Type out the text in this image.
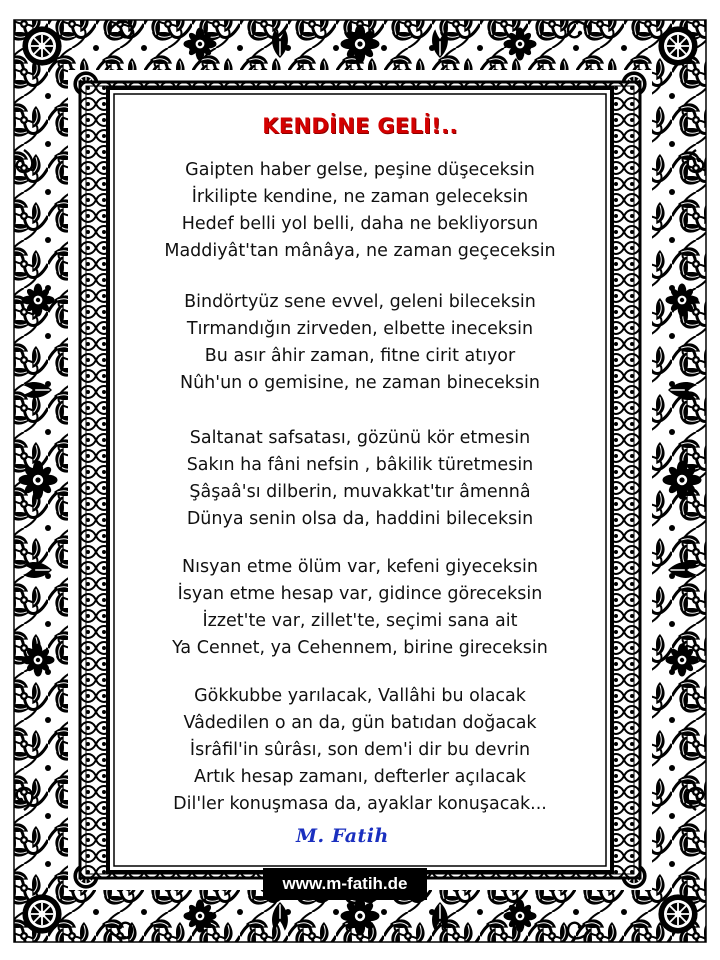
KENDİNE GELİ!..
Gaipten haber gelse, peşine düşeceksin
İrkilipte kendine, ne zaman geleceksin
Hedef belli yol belli, daha ne bekliyorsun
Maddiyât'tan mânâya, ne zaman geçeceksin
Bindörtyüz sene evvel, geleni bileceksin
Tırmandığın zirveden, elbette ineceksin
Bu asır âhir zaman, fitne cirit atıyor
Nûh'un o gemisine, ne zaman bineceksin
Saltanat safsatası, gözünü kör etmesin
Sakın ha fâni nefsin , bâkilik türetmesin
Şâşaâ'sı dilberin, muvakkat'tır âmennâ
Dünya senin olsa da, haddini bileceksin
Nısyan etme ölüm var, kefeni giyeceksin
İsyan etme hesap var, gidince göreceksin
İzzet'te var, zillet'te, seçimi sana ait
Ya Cennet, ya Cehennem, birine gireceksin
Gökkubbe yarılacak, Vallâhi bu olacak
Vâdedilen o an da, gün batıdan doğacak
İsrâfil'in sûrâsı, son dem'i dir bu devrin
Artık hesap zamanı, defterler açılacak
Dil'ler konuşmasa da, ayaklar konuşacak...
M. Fatih
www.m-fatih.de
